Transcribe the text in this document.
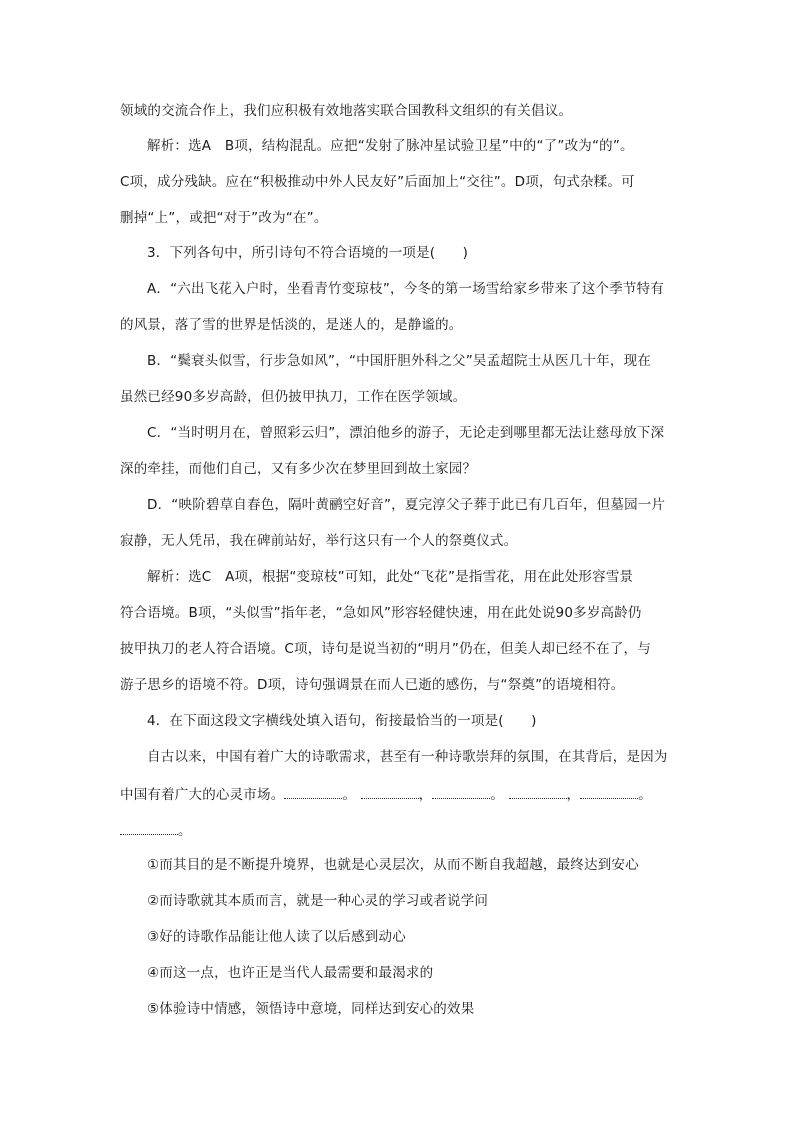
领域的交流合作上，我们应积极有效地落实联合国教科文组织的有关倡议。
解析：选A　B项，结构混乱。应把“发射了脉冲星试验卫星”中的“了”改为“的”。
C项，成分残缺。应在“积极推动中外人民友好”后面加上“交往”。D项，句式杂糅。可
删掉“上”，或把“对于”改为“在”。
3．下列各句中，所引诗句不符合语境的一项是(　　)
A．“六出飞花入户时，坐看青竹变琼枝”，今冬的第一场雪给家乡带来了这个季节特有
的风景，落了雪的世界是恬淡的，是迷人的，是静谧的。
B．“鬓衰头似雪，行步急如风”，“中国肝胆外科之父”吴孟超院士从医几十年，现在
虽然已经90多岁高龄，但仍披甲执刀，工作在医学领域。
C．“当时明月在，曾照彩云归”，漂泊他乡的游子，无论走到哪里都无法让慈母放下深
深的牵挂，而他们自己，又有多少次在梦里回到故土家园？
D．“映阶碧草自春色，隔叶黄鹂空好音”，夏完淳父子葬于此已有几百年，但墓园一片
寂静，无人凭吊，我在碑前站好，举行这只有一个人的祭奠仪式。
解析：选C　A项，根据“变琼枝”可知，此处“飞花”是指雪花，用在此处形容雪景
符合语境。B项，“头似雪”指年老，“急如风”形容轻健快速，用在此处说90多岁高龄仍
披甲执刀的老人符合语境。C项，诗句是说当初的“明月”仍在，但美人却已经不在了，与
游子思乡的语境不符。D项，诗句强调景在而人已逝的感伤，与“祭奠”的语境相符。
4．在下面这段文字横线处填入语句，衔接最恰当的一项是(　　)
自古以来，中国有着广大的诗歌需求，甚至有一种诗歌崇拜的氛围，在其背后，是因为
中国有着广大的心灵市场。	。	，	。	，	。
。
①而其目的是不断提升境界，也就是心灵层次，从而不断自我超越，最终达到安心
②而诗歌就其本质而言，就是一种心灵的学习或者说学问
③好的诗歌作品能让他人读了以后感到动心
④而这一点，也许正是当代人最需要和最渴求的
⑤体验诗中情感，领悟诗中意境，同样达到安心的效果
